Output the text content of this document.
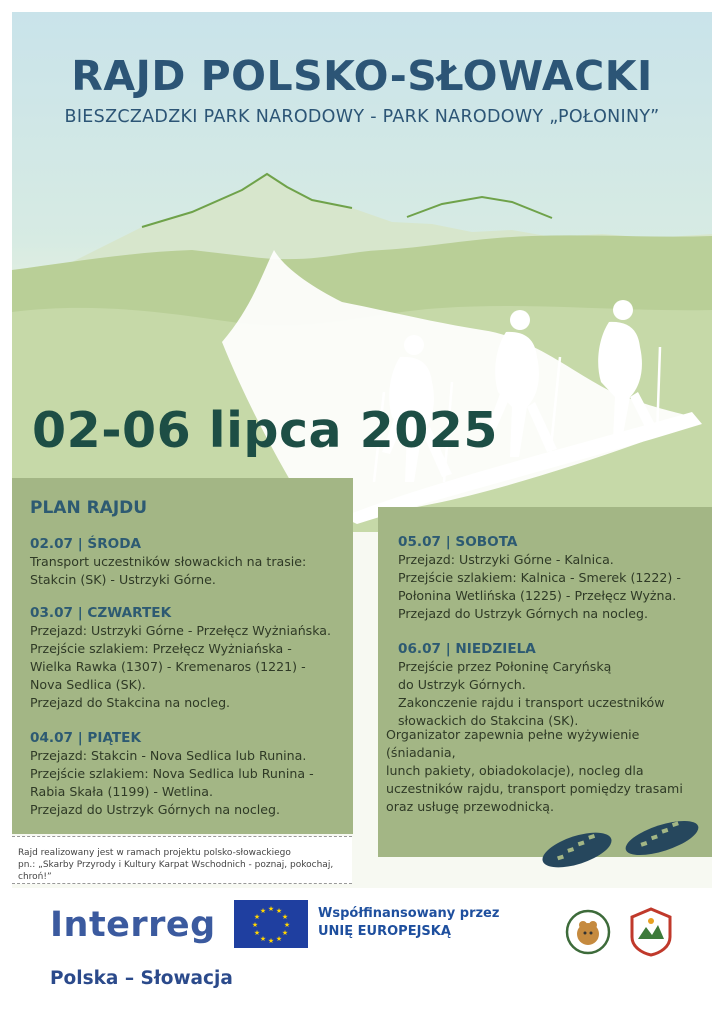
RAJD POLSKO-SŁOWACKI
BIESZCZADZKI PARK NARODOWY - PARK NARODOWY „POŁONINY”
02-06 lipca 2025
PLAN RAJDU
02.07 | ŚRODA
Transport uczestników słowackich na trasie:
Stakcin (SK) - Ustrzyki Górne.
03.07 | CZWARTEK
Przejazd: Ustrzyki Górne - Przełęcz Wyżniańska.
Przejście szlakiem: Przełęcz Wyżniańska -
Wielka Rawka (1307) - Kremenaros (1221) -
Nova Sedlica (SK).
Przejazd do Stakcina na nocleg.
04.07 | PIĄTEK
Przejazd: Stakcin - Nova Sedlica lub Runina.
Przejście szlakiem: Nova Sedlica lub Runina -
Rabia Skała (1199) - Wetlina.
Przejazd do Ustrzyk Górnych na nocleg.
05.07 | SOBOTA
Przejazd: Ustrzyki Górne - Kalnica.
Przejście szlakiem: Kalnica - Smerek (1222) -
Połonina Wetlińska (1225) - Przełęcz Wyżna.
Przejazd do Ustrzyk Górnych na nocleg.
06.07 | NIEDZIELA
Przejście przez Połoninę Caryńską
do Ustrzyk Górnych.
Zakonczenie rajdu i transport uczestników
słowackich do Stakcina (SK).
Organizator zapewnia pełne wyżywienie (śniadania,
lunch pakiety, obiadokolacje), nocleg dla
uczestników rajdu, transport pomiędzy trasami
oraz usługę przewodnicką.
Rajd realizowany jest w ramach projektu polsko-słowackiego
pn.: „Skarby Przyrody i Kultury Karpat Wschodnich - poznaj, pokochaj, chroń!”
Interreg
Polska – Słowacja
★ ★
★
★
★
★
★
★
★
★
★
★	Współfinansowany przez
UNIĘ EUROPEJSKĄ
